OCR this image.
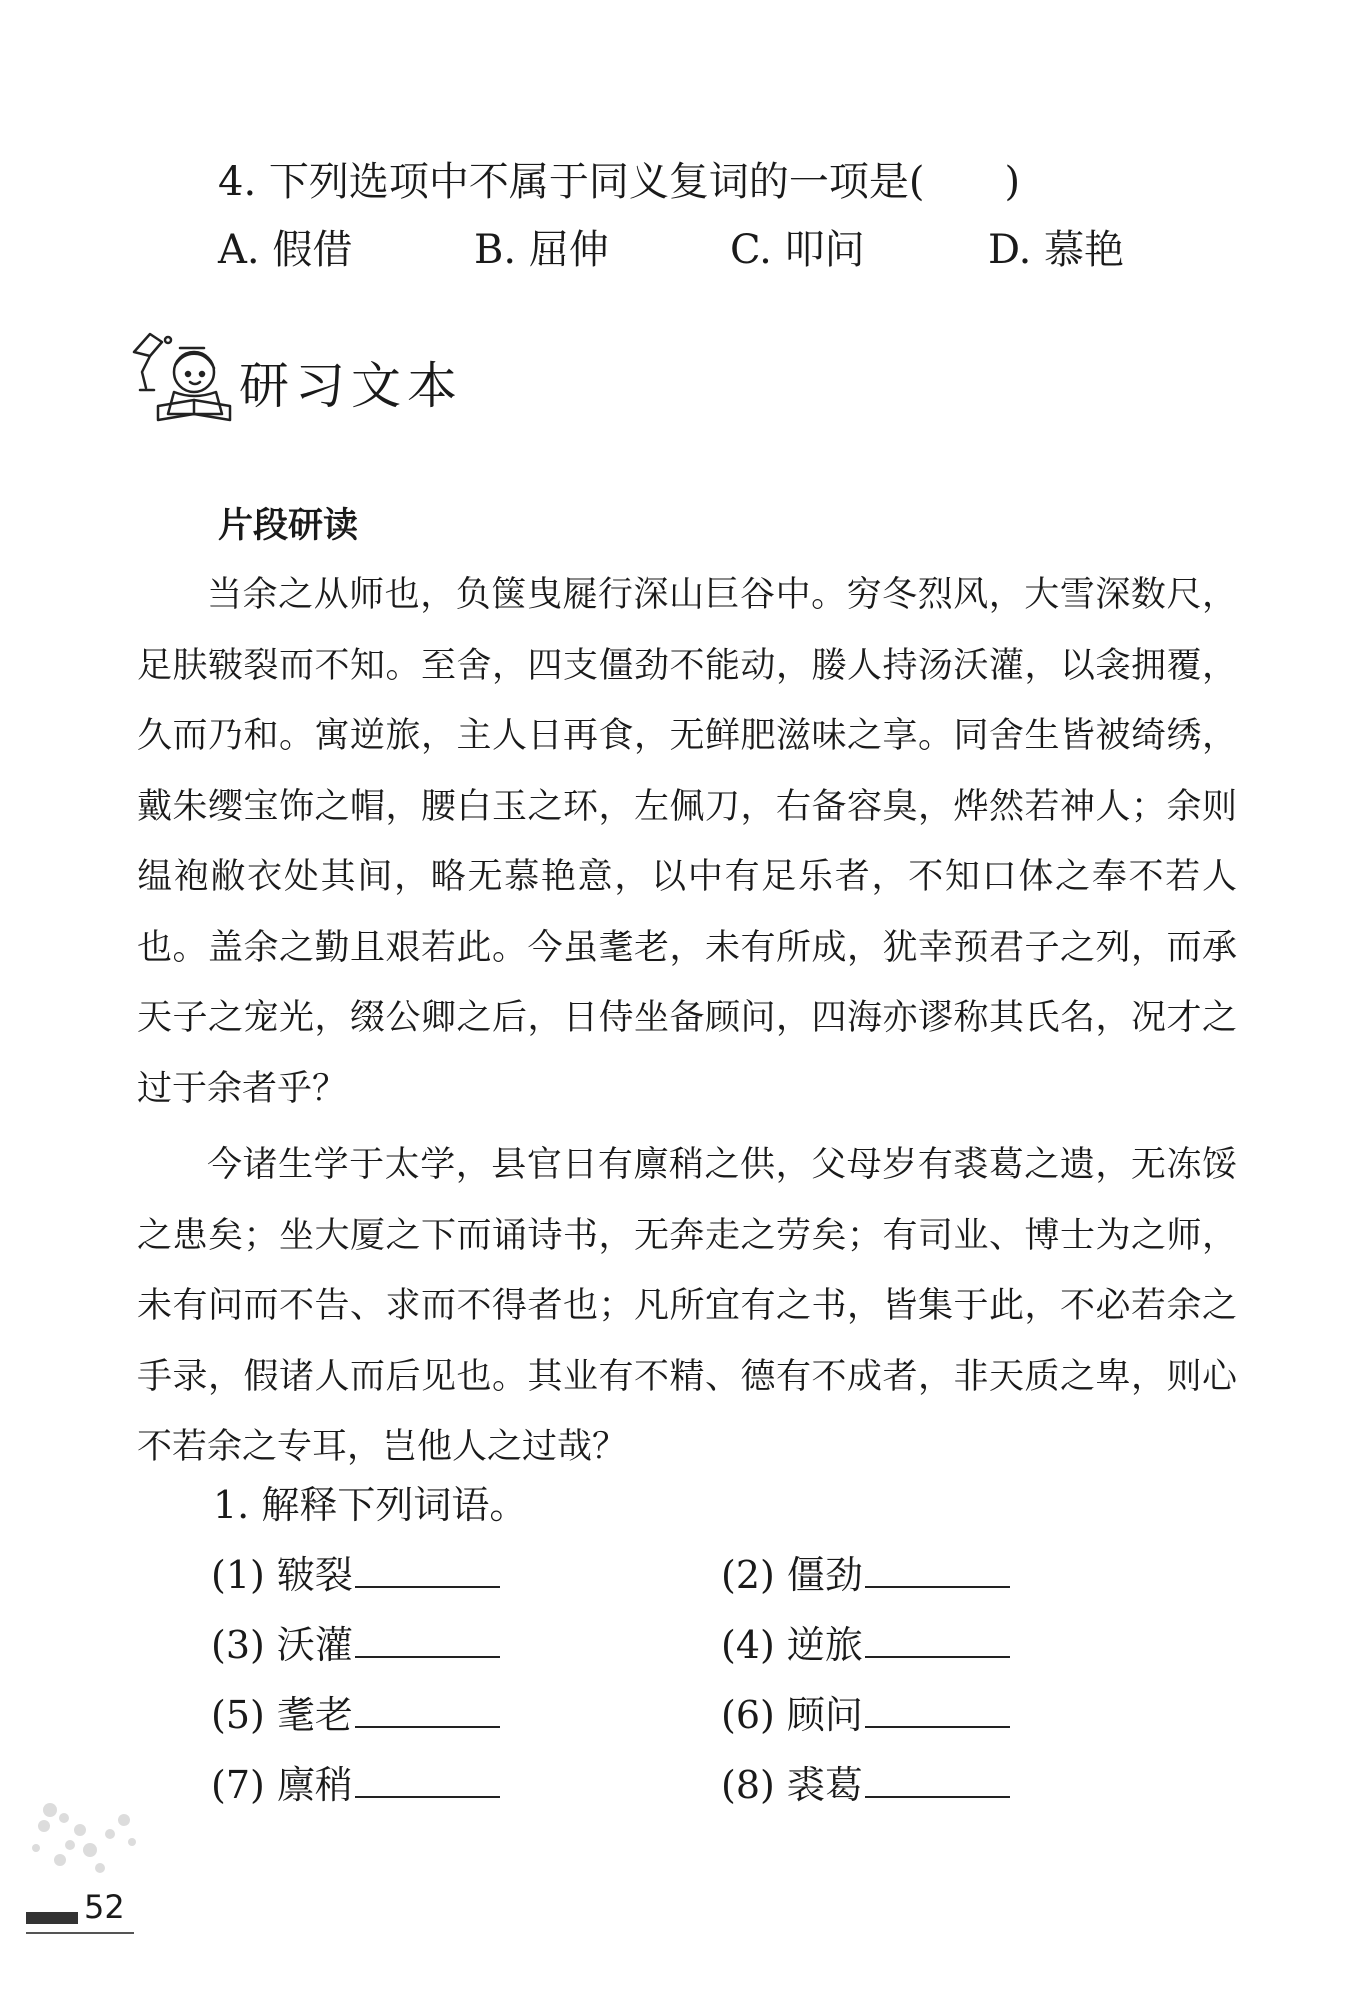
4. 下列选项中不属于同义复词的一项是(　　)
A. 假借	B. 屈伸	C. 叩问	D. 慕艳
研习文本
片段研读

当余之从师也，负箧曳屣行深山巨谷中。穷冬烈风，大雪深数尺，足肤皲裂而不知。至舍，四支僵劲不能动，媵人持汤沃灌，以衾拥覆，久而乃和。寓逆旅，主人日再食，无鲜肥滋味之享。同舍生皆被绮绣，戴朱缨宝饰之帽，腰白玉之环，左佩刀，右备容臭，烨然若神人；余则缊袍敝衣处其间，略无慕艳意，以中有足乐者，不知口体之奉不若人也。盖余之勤且艰若此。今虽耄老，未有所成，犹幸预君子之列，而承天子之宠光，缀公卿之后，日侍坐备顾问，四海亦谬称其氏名，况才之过于余者乎？

今诸生学于太学，县官日有廪稍之供，父母岁有裘葛之遗，无冻馁之患矣；坐大厦之下而诵诗书，无奔走之劳矣；有司业、博士为之师，未有问而不告、求而不得者也；凡所宜有之书，皆集于此，不必若余之手录，假诸人而后见也。其业有不精、德有不成者，非天质之卑，则心不若余之专耳，岂他人之过哉？

1. 解释下列词语。
(1) 皲裂	(2) 僵劲
(3) 沃灌	(4) 逆旅
(5) 耄老	(6) 顾问
(7) 廪稍	(8) 裘葛
52
